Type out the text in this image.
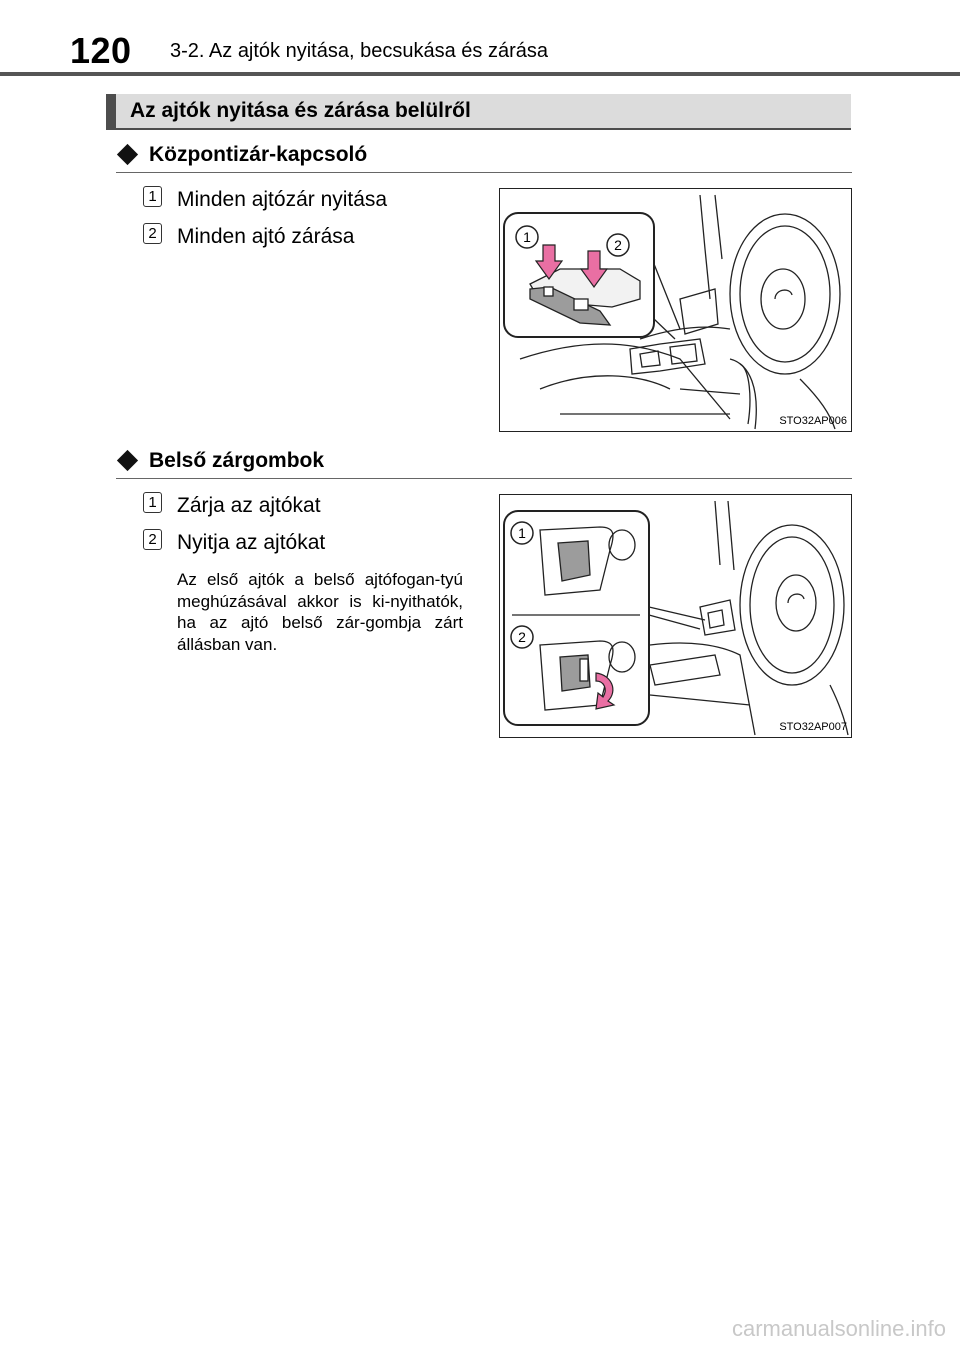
120 3-2. Az ajtók nyitása, becsukása és zárása
Az ajtók nyitása és zárása belülről
Központizár-kapcsoló
1 Minden ajtózár nyitása
2 Minden ajtó zárása	1	2
STO32AP006
Belső zárgombok
1 Zárja az ajtókat
2 Nyitja az ajtókat
Az első ajtók a belső ajtófogan-tyú meghúzásával akkor is ki-nyithatók, ha az ajtó belső zár-gombja zárt állásban van.
1
2
STO32AP007
carmanualsonline.info
